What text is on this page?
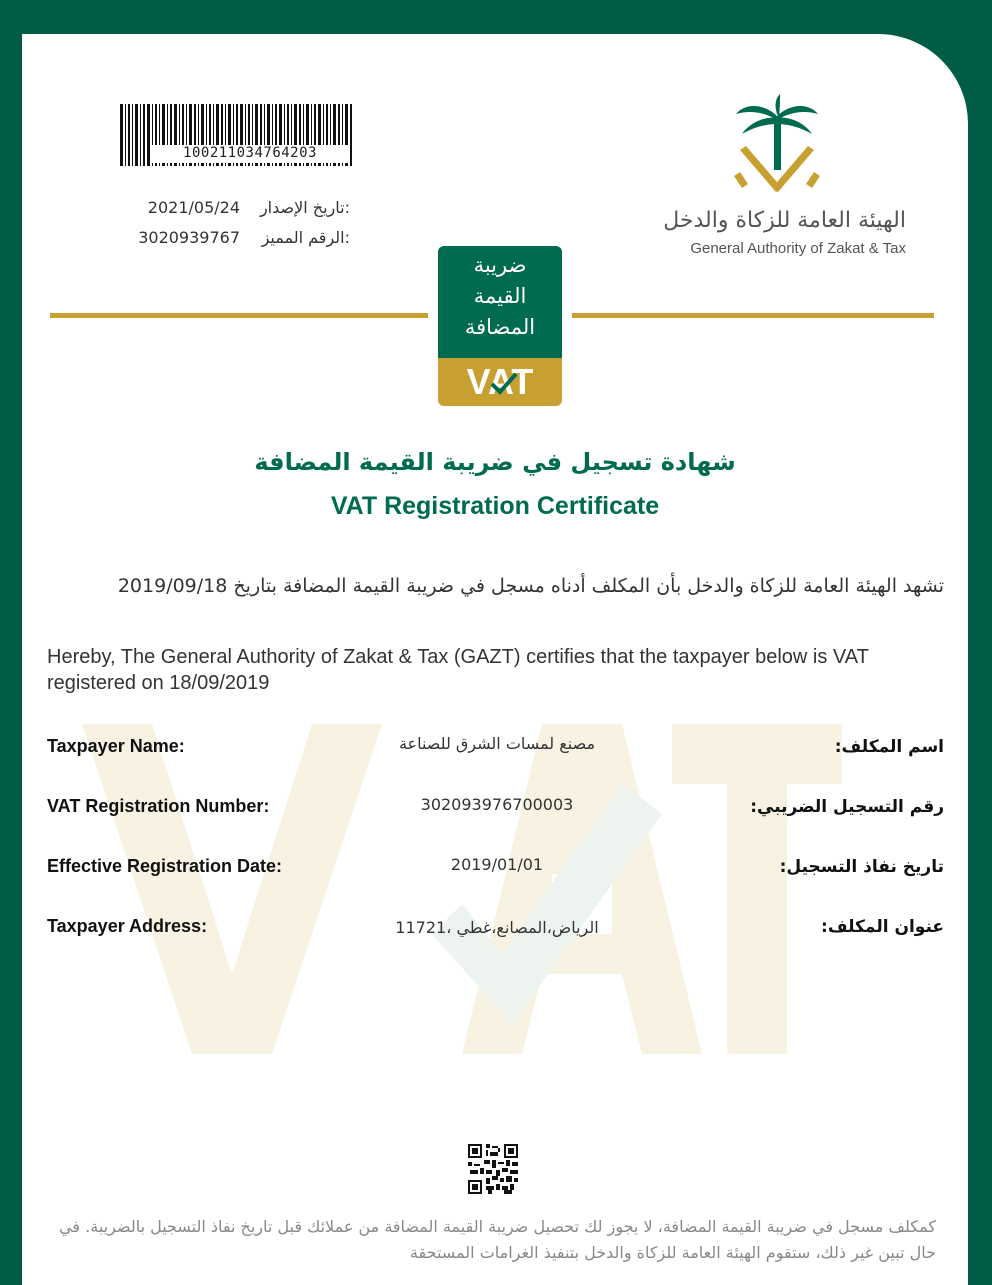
100211034764203
تاريخ الإصدار:
2021/05/24
الرقم المميز:
3020939767
الهيئة العامة للزكاة والدخل
General Authority of Zakat & Tax
ضريبة
القيمة
المضافة
VAT
شهادة تسجيل في ضريبة القيمة المضافة
VAT Registration Certificate
تشهد الهيئة العامة للزكاة والدخل بأن المكلف أدناه مسجل في ضريبة القيمة المضافة بتاريخ 2019/09/18
Hereby, The General Authority of Zakat & Tax (GAZT) certifies that the taxpayer below is VAT registered on 18/09/2019
Taxpayer Name:	مصنع لمسات الشرق للصناعة	اسم المكلف:
VAT Registration Number:	302093976700003	رقم التسجيل الضريبي:
Effective Registration Date:	2019/01/01	تاريخ نفاذ التسجيل:
Taxpayer Address:	الرياض،المصانع،غطي ،11721	عنوان المكلف:
كمكلف مسجل في ضريبة القيمة المضافة، لا يجوز لك تحصيل ضريبة القيمة المضافة من عملائك قبل تاريخ نفاذ التسجيل بالضريبة. في حال تبين غير ذلك، ستقوم الهيئة العامة للزكاة والدخل بتنفيذ الغرامات المستحقة
